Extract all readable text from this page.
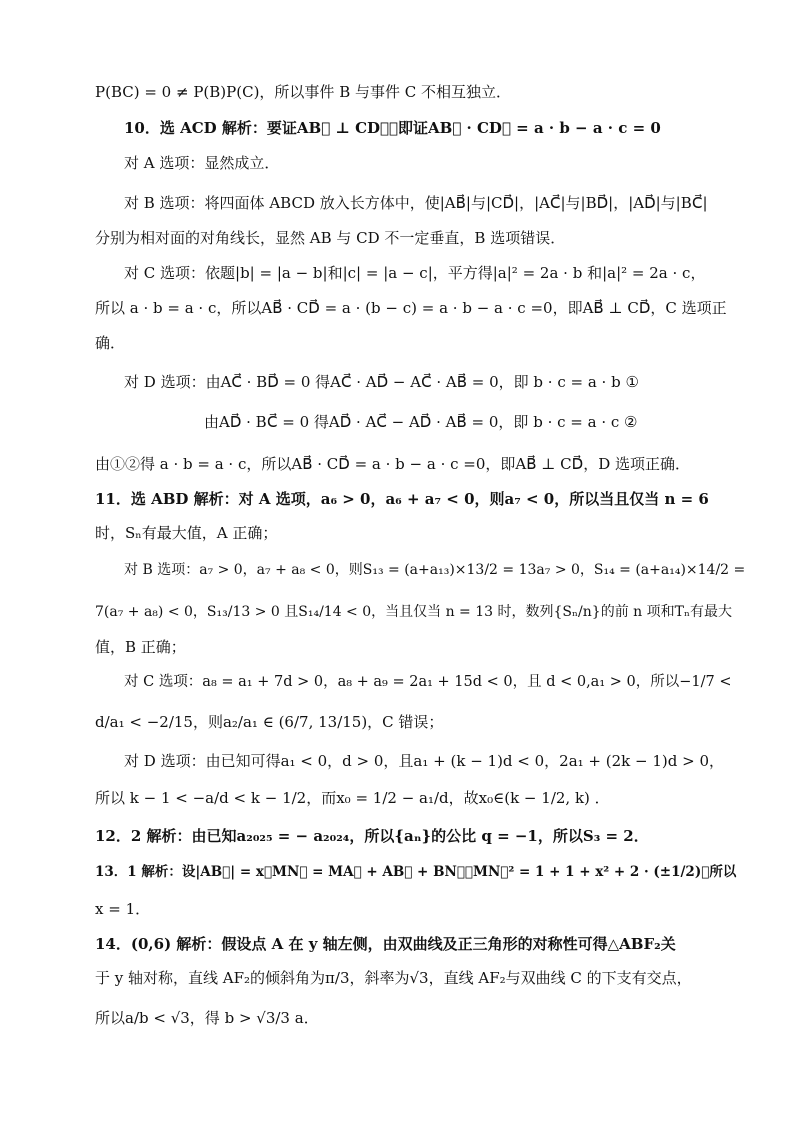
P(BC) = 0 ≠ P(B)P(C)，所以事件 B 与事件 C 不相互独立．
10．选 ACD 解析：要证AB⃗ ⊥ CD⃗，即证AB⃗ · CD⃗ = a · b − a · c = 0
对 A 选项：显然成立．
对 B 选项：将四面体 ABCD 放入长方体中，使|AB⃗|与|CD⃗|，|AC⃗|与|BD⃗|，|AD⃗|与|BC⃗|
分别为相对面的对角线长，显然 AB 与 CD 不一定垂直，B 选项错误．
对 C 选项：依题|b| = |a − b|和|c| = |a − c|，平方得|a|² = 2a · b 和|a|² = 2a · c，
所以 a · b = a · c，所以AB⃗ · CD⃗ = a · (b − c) = a · b − a · c =0，即AB⃗ ⊥ CD⃗，C 选项正
确．
对 D 选项：由AC⃗ · BD⃗ = 0 得AC⃗ · AD⃗ − AC⃗ · AB⃗ = 0，即 b · c = a · b ①
由AD⃗ · BC⃗ = 0 得AD⃗ · AC⃗ − AD⃗ · AB⃗ = 0，即 b · c = a · c ②
由①②得 a · b = a · c，所以AB⃗ · CD⃗ = a · b − a · c =0，即AB⃗ ⊥ CD⃗，D 选项正确．
11．选 ABD 解析：对 A 选项，a₆ > 0，a₆ + a₇ < 0，则a₇ < 0，所以当且仅当 n = 6
时，Sₙ有最大值，A 正确；
对 B 选项：a₇ > 0，a₇ + a₈ < 0，则S₁₃ = (a+a₁₃)×13/2 = 13a₇ > 0，S₁₄ = (a+a₁₄)×14/2 =
7(a₇ + a₈) < 0，S₁₃/13 > 0 且S₁₄/14 < 0，当且仅当 n = 13 时，数列{Sₙ/n}的前 n 项和Tₙ有最大
值，B 正确；
对 C 选项：a₈ = a₁ + 7d > 0，a₈ + a₉ = 2a₁ + 15d < 0，且 d < 0,a₁ > 0，所以−1/7 <
d/a₁ < −2/15，则a₂/a₁ ∈ (6/7, 13/15)，C 错误；
对 D 选项：由已知可得a₁ < 0，d > 0，且a₁ + (k − 1)d < 0，2a₁ + (2k − 1)d > 0，
所以 k − 1 < −a/d < k − 1/2，而x₀ = 1/2 − a₁/d，故x₀∈(k − 1/2, k) ．
12．2 解析：由已知a₂₀₂₅ = − a₂₀₂₄，所以{aₙ}的公比 q = −1，所以S₃ = 2．
13．1 解析：设|AB⃗| = x，MN⃗ = MA⃗ + AB⃗ + BN⃗，MN⃗² = 1 + 1 + x² + 2 · (±1/2)，所以
x = 1．
14．(0,6) 解析：假设点 A 在 y 轴左侧，由双曲线及正三角形的对称性可得△ABF₂关
于 y 轴对称，直线 AF₂的倾斜角为π/3，斜率为√3，直线 AF₂与双曲线 C 的下支有交点，
所以a/b < √3，得 b > √3/3 a．
